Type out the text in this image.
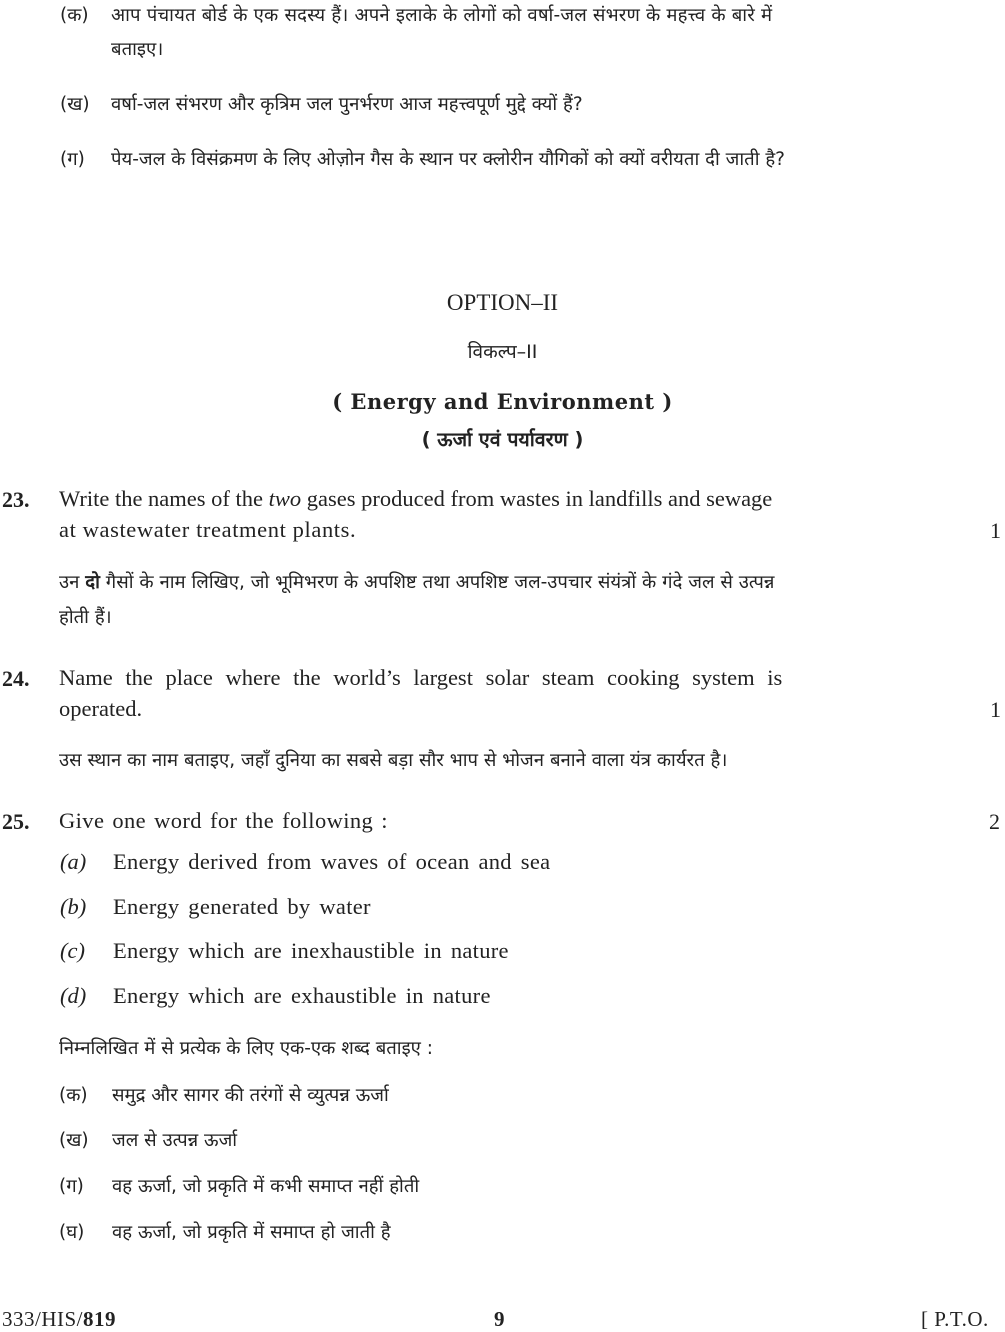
(क) आप पंचायत बोर्ड के एक सदस्य हैं। अपने इलाके के लोगों को वर्षा-जल संभरण के महत्त्व के बारे में
बताइए।
(ख) वर्षा-जल संभरण और कृत्रिम जल पुनर्भरण आज महत्त्वपूर्ण मुद्दे क्यों हैं?
(ग) पेय-जल के विसंक्रमण के लिए ओज़ोन गैस के स्थान पर क्लोरीन यौगिकों को क्यों वरीयता दी जाती है?
OPTION–II
विकल्प–II
( Energy and Environment )
( ऊर्जा एवं पर्यावरण )
23. Write the names of the two gases produced from wastes in landfills and sewage
at wastewater treatment plants.	1
उन दो गैसों के नाम लिखिए, जो भूमिभरण के अपशिष्ट तथा अपशिष्ट जल-उपचार संयंत्रों के गंदे जल से उत्पन्न
होती हैं।
24. Name the place where the world’s largest solar steam cooking system is
operated.	1
उस स्थान का नाम बताइए, जहाँ दुनिया का सबसे बड़ा सौर भाप से भोजन बनाने वाला यंत्र कार्यरत है।
25. Give one word for the following :	2
(a) Energy derived from waves of ocean and sea
(b) Energy generated by water
(c) Energy which are inexhaustible in nature
(d) Energy which are exhaustible in nature
निम्नलिखित में से प्रत्येक के लिए एक-एक शब्द बताइए :
(क) समुद्र और सागर की तरंगों से व्युत्पन्न ऊर्जा
(ख) जल से उत्पन्न ऊर्जा
(ग) वह ऊर्जा, जो प्रकृति में कभी समाप्त नहीं होती
(घ) वह ऊर्जा, जो प्रकृति में समाप्त हो जाती है
333/HIS/819	9	[ P.T.O.
